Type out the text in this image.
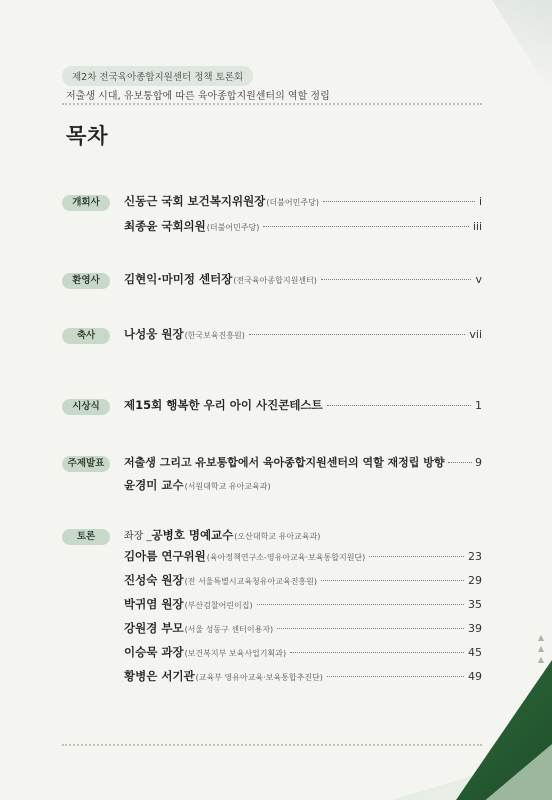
제2차 전국육아종합지원센터 정책 토론회
저출생 시대, 유보통합에 따른 육아종합지원센터의 역할 정립
목차
개회사	신동근 국회 보건복지위원장 (더불어민주당)	i
최종윤 국회의원 (더불어민주당)	iii
환영사	김현익·마미정 센터장 (전국육아종합지원센터)	v
축사	나성웅 원장 (한국보육진흥원)	vii
시상식	제15회 행복한 우리 아이 사진콘테스트	1
주제발표	저출생 그리고 유보통합에서 육아종합지원센터의 역할 재정립 방향	9
윤경미 교수 (서원대학교 유아교육과)
토론	좌장 _ 공병호 명예교수 (오산대학교 유아교육과)
김아름 연구위원 (육아정책연구소-영유아교육·보육통합지원단)	23
진성숙 원장 (전 서울특별시교육청유아교육진흥원)	29
박귀염 원장 (부산검찰어린이집)	35
강원경 부모 (서울 성동구 센터이용자)	39
이승묵 과장 (보건복지부 보육사업기획과)	45
황병은 서기관 (교육부 영유아교육·보육통합추진단)	49
▲
▲
▲
